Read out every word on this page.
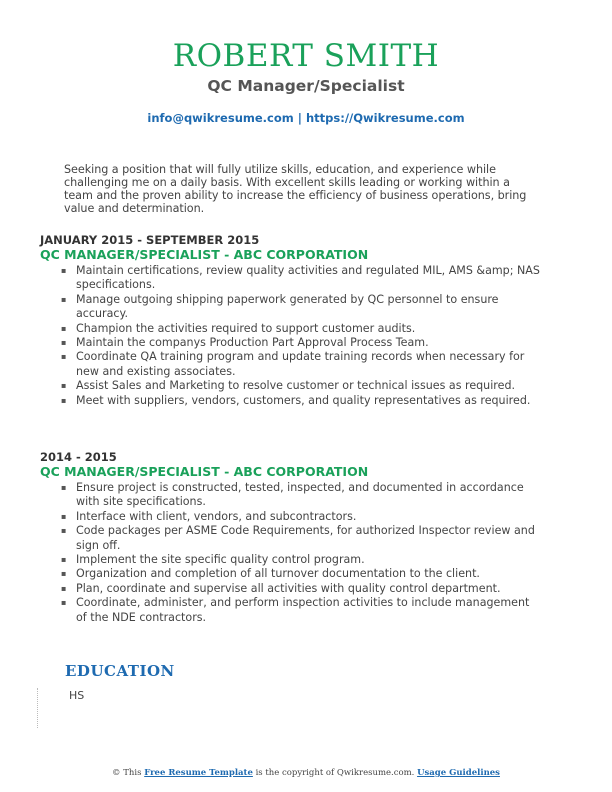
ROBERT SMITH
QC Manager/Specialist
info@qwikresume.com | https://Qwikresume.com
Seeking a position that will fully utilize skills, education, and experience while challenging me on a daily basis. With excellent skills leading or working within a team and the proven ability to increase the efficiency of business operations, bring value and determination.
JANUARY 2015 - SEPTEMBER 2015
QC MANAGER/SPECIALIST - ABC CORPORATION
▪ Maintain certifications, review quality activities and regulated MIL, AMS &amp; NAS specifications.
▪ Manage outgoing shipping paperwork generated by QC personnel to ensure accuracy.
▪ Champion the activities required to support customer audits.
▪ Maintain the companys Production Part Approval Process Team.
▪ Coordinate QA training program and update training records when necessary for new and existing associates.
▪ Assist Sales and Marketing to resolve customer or technical issues as required.
▪ Meet with suppliers, vendors, customers, and quality representatives as required.
2014 - 2015
QC MANAGER/SPECIALIST - ABC CORPORATION
▪ Ensure project is constructed, tested, inspected, and documented in accordance with site specifications.
▪ Interface with client, vendors, and subcontractors.
▪ Code packages per ASME Code Requirements, for authorized Inspector review and sign off.
▪ Implement the site specific quality control program.
▪ Organization and completion of all turnover documentation to the client.
▪ Plan, coordinate and supervise all activities with quality control department.
▪ Coordinate, administer, and perform inspection activities to include management of the NDE contractors.
EDUCATION
HS
© This Free Resume Template is the copyright of Qwikresume.com. Usage Guidelines
